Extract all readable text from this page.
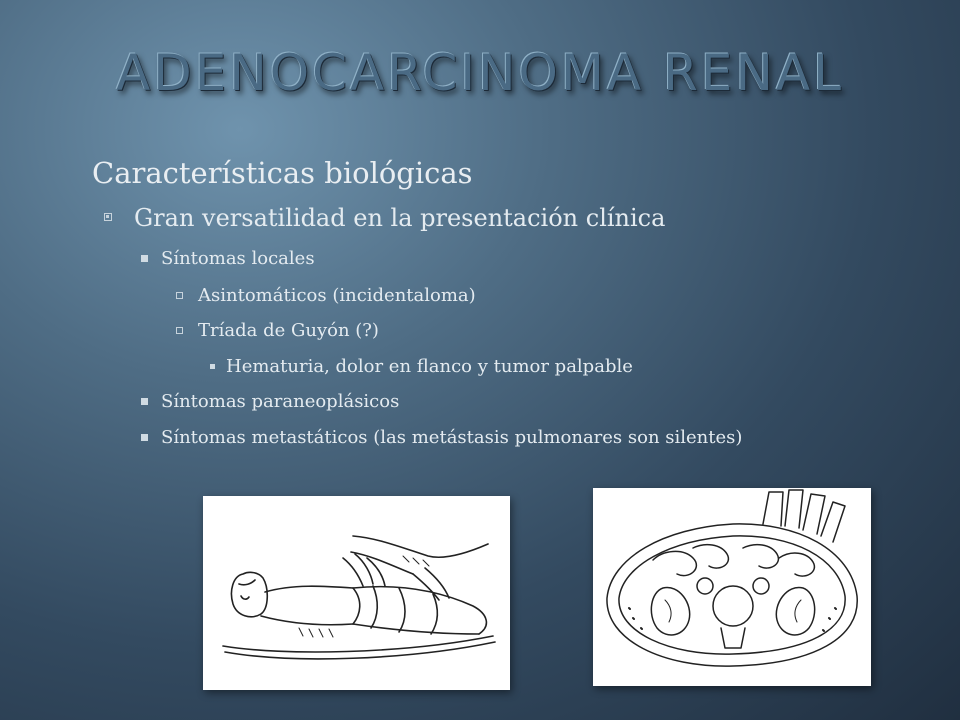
ADENOCARCINOMA RENAL
Características biológicas
Gran versatilidad en la presentación clínica
Síntomas locales
Asintomáticos (incidentaloma)
Tríada de Guyón (?)
Hematuria, dolor en flanco y tumor palpable
Síntomas paraneoplásicos
Síntomas metastáticos (las metástasis pulmonares son silentes)
